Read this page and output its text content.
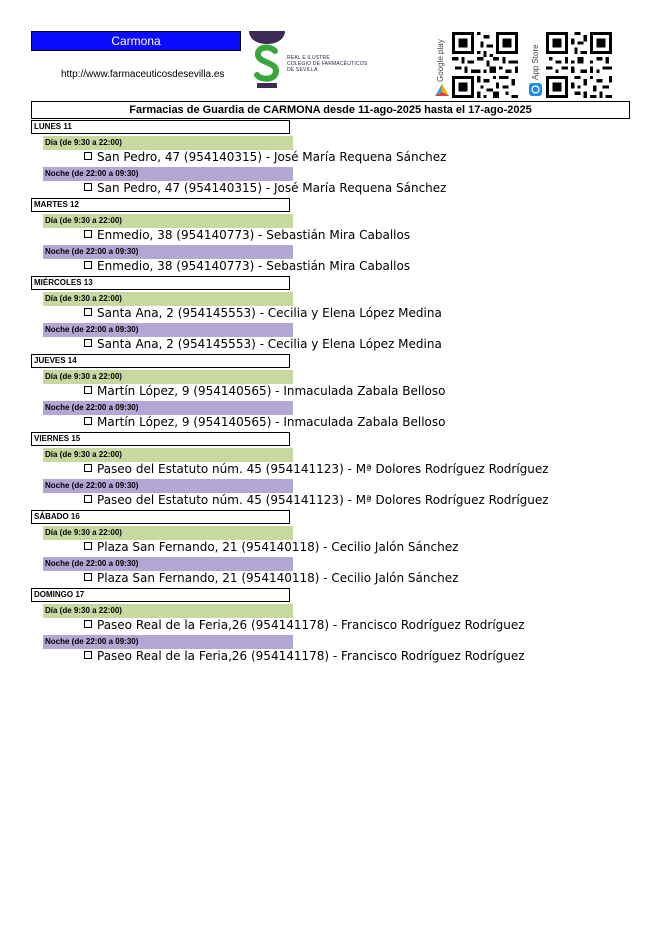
Carmona
http://www.farmaceuticosdesevilla.es
REAL E ILUSTRE
COLEGIO DE FARMACÉUTICOS
DE SEVILLA	Google play	App Store
Farmacias de Guardia de CARMONA desde 11-ago-2025 hasta el 17-ago-2025
LUNES 11
Día (de 9:30 a 22:00)
San Pedro, 47 (954140315) - José María Requena Sánchez
Noche (de 22:00 a 09:30)
San Pedro, 47 (954140315) - José María Requena Sánchez
MARTES 12
Día (de 9:30 a 22:00)
Enmedio, 38 (954140773) - Sebastián Mira Caballos
Noche (de 22:00 a 09:30)
Enmedio, 38 (954140773) - Sebastián Mira Caballos
MIÉRCOLES 13
Día (de 9:30 a 22:00)
Santa Ana, 2 (954145553) - Cecilia y Elena López Medina
Noche (de 22:00 a 09:30)
Santa Ana, 2 (954145553) - Cecilia y Elena López Medina
JUEVES 14
Día (de 9:30 a 22:00)
Martín López, 9 (954140565) - Inmaculada Zabala Belloso
Noche (de 22:00 a 09:30)
Martín López, 9 (954140565) - Inmaculada Zabala Belloso
VIERNES 15
Día (de 9:30 a 22:00)
Paseo del Estatuto núm. 45 (954141123) - Mª Dolores Rodríguez Rodríguez
Noche (de 22:00 a 09:30)
Paseo del Estatuto núm. 45 (954141123) - Mª Dolores Rodríguez Rodríguez
SÁBADO 16
Día (de 9:30 a 22:00)
Plaza San Fernando, 21 (954140118) - Cecilio Jalón Sánchez
Noche (de 22:00 a 09:30)
Plaza San Fernando, 21 (954140118) - Cecilio Jalón Sánchez
DOMINGO 17
Día (de 9:30 a 22:00)
Paseo Real de la Feria,26 (954141178) - Francisco Rodríguez Rodríguez
Noche (de 22:00 a 09:30)
Paseo Real de la Feria,26 (954141178) - Francisco Rodríguez Rodríguez
